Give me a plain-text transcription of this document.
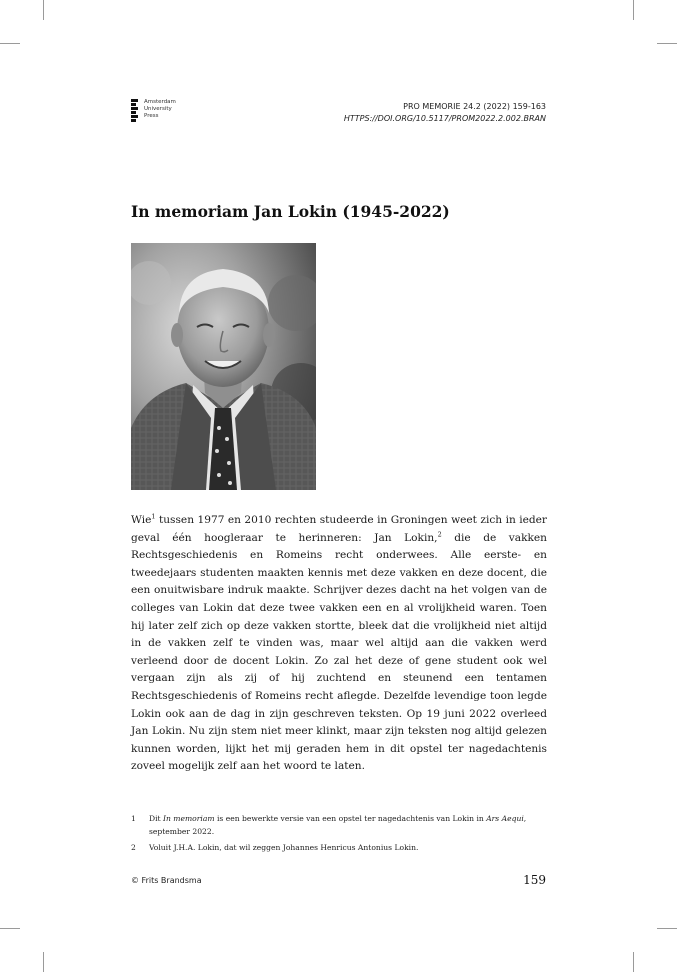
Amsterdam
University
Press
PRO MEMORIE 24.2 (2022) 159-163
HTTPS://DOI.ORG/10.5117/PROM2022.2.002.BRAN
In memoriam Jan Lokin (1945-2022)

Wie$^1$ tussen 1977 en 2010 rechten studeerde in Groningen weet zich in ieder geval één hoogleraar te herinneren: Jan Lokin,$^2$ die de vakken Rechtsgeschiedenis en Romeins recht onderwees. Alle eerste- en tweedejaars studenten maakten kennis met deze vakken en deze docent, die een onuitwisbare indruk maakte. Schrijver dezes dacht na het volgen van de colleges van Lokin dat deze twee vakken een en al vrolijkheid waren. Toen hij later zelf zich op deze vakken stortte, bleek dat die vrolijkheid niet altijd in de vakken zelf te vinden was, maar wel altijd aan die vakken werd verleend door de docent Lokin. Zo zal het deze of gene student ook wel vergaan zijn als zij of hij zuchtend en steunend een tentamen Rechtsgeschiedenis of Romeins recht aflegde. Dezelfde levendige toon legde Lokin ook aan de dag in zijn geschreven teksten. Op 19 juni 2022 overleed Jan Lokin. Nu zijn stem niet meer klinkt, maar zijn teksten nog altijd gelezen kunnen worden, lijkt het mij geraden hem in dit opstel ter nagedachtenis zoveel mogelijk zelf aan het woord te laten.

1 Dit In memoriam is een bewerkte versie van een opstel ter nagedachtenis van Lokin in Ars Aequi, september 2022.
2 Voluit J.H.A. Lokin, dat wil zeggen Johannes Henricus Antonius Lokin.
© Frits Brandsma	159
